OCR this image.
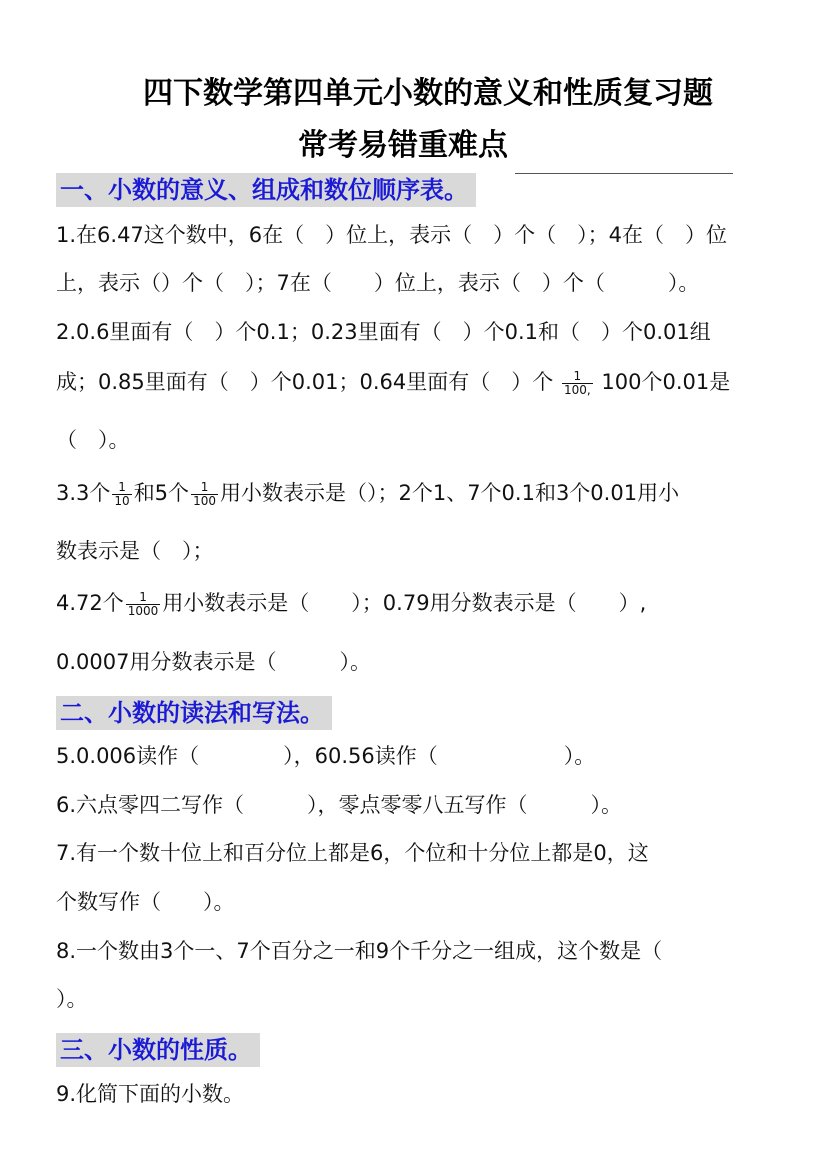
四下数学第四单元小数的意义和性质复习题
常考易错重难点
一、小数的意义、组成和数位顺序表。
1.在6.47这个数中，6在（　）位上，表示（　）个（　）；4在（　）位
上，表示（）个（　）；7在（　　）位上，表示（　）个（　　　）。
2.0.6里面有（　）个0.1；0.23里面有（　）个0.1和（　）个0.01组
成；0.85里面有（　）个0.01；0.64里面有（　）个 $\frac{1}{100,} 100$个0.01是
（　）。
3.3个 $\frac{1}{10}$ 和5个 $\frac{1}{100}$ 用小数表示是（）；2个1、7个0.1和3个0.01用小
数表示是（　）；
4.72个 $\frac{1}{1000}$ 用小数表示是（　　）；0.79用分数表示是（　　）,
0.0007用分数表示是（　　　）。
二、小数的读法和写法。
5.0.006读作（　　　　），60.56读作（　　　　　　）。
6.六点零四二写作（　　　），零点零零八五写作（　　　）。
7.有一个数十位上和百分位上都是6，个位和十分位上都是0，这
个数写作（　　）。
8.一个数由3个一、7个百分之一和9个千分之一组成，这个数是（
）。
三、小数的性质。
9.化简下面的小数。
